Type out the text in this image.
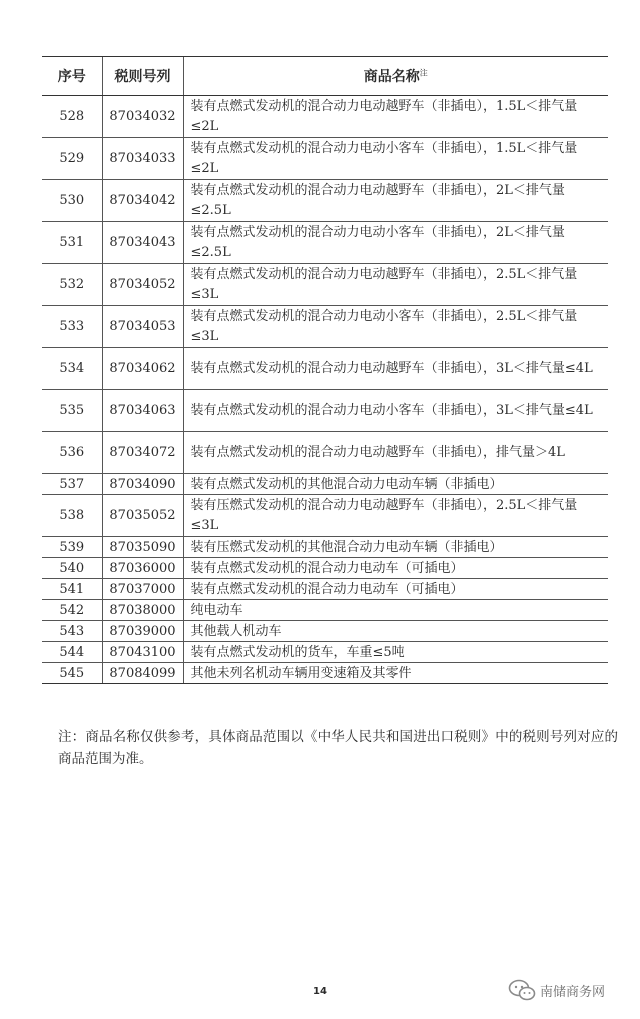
序号	税则号列	商品名称$^注$
528	87034032	装有点燃式发动机的混合动力电动越野车（非插电），1.5L＜排气量≤2L
529	87034033	装有点燃式发动机的混合动力电动小客车（非插电），1.5L＜排气量≤2L
530	87034042	装有点燃式发动机的混合动力电动越野车（非插电），2L＜排气量≤2.5L
531	87034043	装有点燃式发动机的混合动力电动小客车（非插电），2L＜排气量≤2.5L
532	87034052	装有点燃式发动机的混合动力电动越野车（非插电），2.5L＜排气量≤3L
533	87034053	装有点燃式发动机的混合动力电动小客车（非插电），2.5L＜排气量≤3L
534	87034062	装有点燃式发动机的混合动力电动越野车（非插电），3L＜排气量≤4L
535	87034063	装有点燃式发动机的混合动力电动小客车（非插电），3L＜排气量≤4L
536	87034072	装有点燃式发动机的混合动力电动越野车（非插电），排气量＞4L
537	87034090	装有点燃式发动机的其他混合动力电动车辆（非插电）
538	87035052	装有压燃式发动机的混合动力电动越野车（非插电），2.5L＜排气量≤3L
539	87035090	装有压燃式发动机的其他混合动力电动车辆（非插电）
540	87036000	装有点燃式发动机的混合动力电动车（可插电）
541	87037000	装有点燃式发动机的混合动力电动车（可插电）
542	87038000	纯电动车
543	87039000	其他载人机动车
544	87043100	装有点燃式发动机的货车，车重≤5吨
545	87084099	其他未列名机动车辆用变速箱及其零件

注：商品名称仅供参考，具体商品范围以《中华人民共和国进出口税则》中的税则号列对应的商品范围为准。

14	南储商务网
